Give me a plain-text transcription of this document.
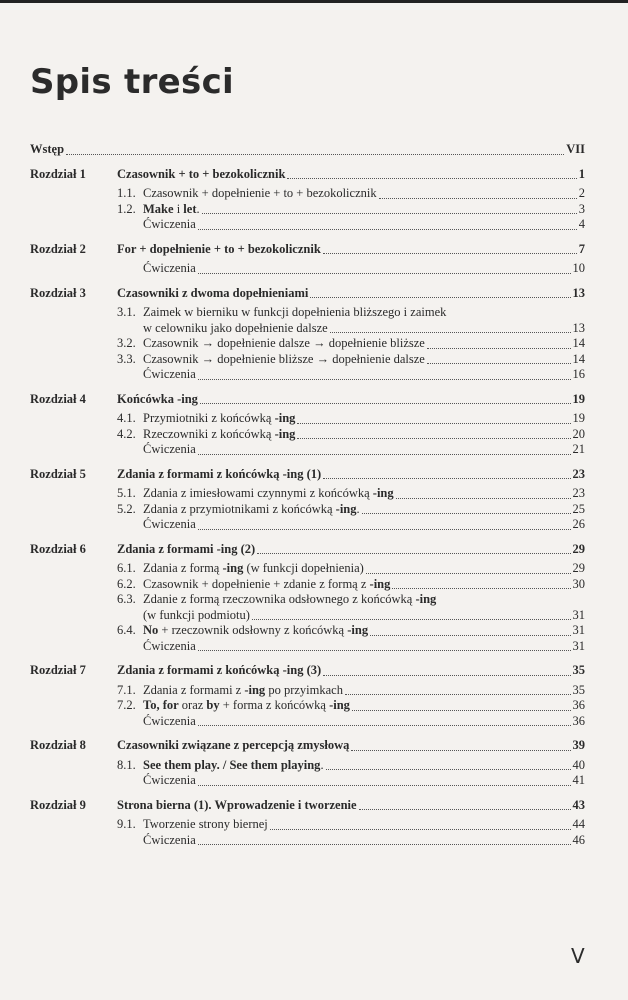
Spis treści
Wstęp	VII
Rozdział 1 Czasownik + to + bezokolicznik	1
1.1. Czasownik + dopełnienie + to + bezokolicznik	2
1.2. Make i let.	3
Ćwiczenia	4
Rozdział 2 For + dopełnienie + to + bezokolicznik	7
Ćwiczenia	10
Rozdział 3 Czasowniki z dwoma dopełnieniami	13
3.1. Zaimek w bierniku w funkcji dopełnienia bliższego i zaimek
w celowniku jako dopełnienie dalsze	13
3.2. Czasownik → dopełnienie dalsze → dopełnienie bliższe	14
3.3. Czasownik → dopełnienie bliższe → dopełnienie dalsze	14
Ćwiczenia	16
Rozdział 4 Końcówka -ing	19
4.1. Przymiotniki z końcówką -ing	19
4.2. Rzeczowniki z końcówką -ing	20
Ćwiczenia	21
Rozdział 5 Zdania z formami z końcówką -ing (1)	23
5.1. Zdania z imiesłowami czynnymi z końcówką -ing	23
5.2. Zdania z przymiotnikami z końcówką -ing.	25
Ćwiczenia	26
Rozdział 6 Zdania z formami -ing (2)	29
6.1. Zdania z formą -ing (w funkcji dopełnienia)	29
6.2. Czasownik + dopełnienie + zdanie z formą z -ing	30
6.3. Zdanie z formą rzeczownika odsłownego z końcówką -ing
(w funkcji podmiotu)	31
6.4. No + rzeczownik odsłowny z końcówką -ing	31
Ćwiczenia	31
Rozdział 7 Zdania z formami z końcówką -ing (3)	35
7.1. Zdania z formami z -ing po przyimkach	35
7.2. To, for oraz by + forma z końcówką -ing	36
Ćwiczenia	36
Rozdział 8 Czasowniki związane z percepcją zmysłową	39
8.1. See them play. / See them playing.	40
Ćwiczenia	41
Rozdział 9 Strona bierna (1). Wprowadzenie i tworzenie	43
9.1. Tworzenie strony biernej	44
Ćwiczenia	46
V
